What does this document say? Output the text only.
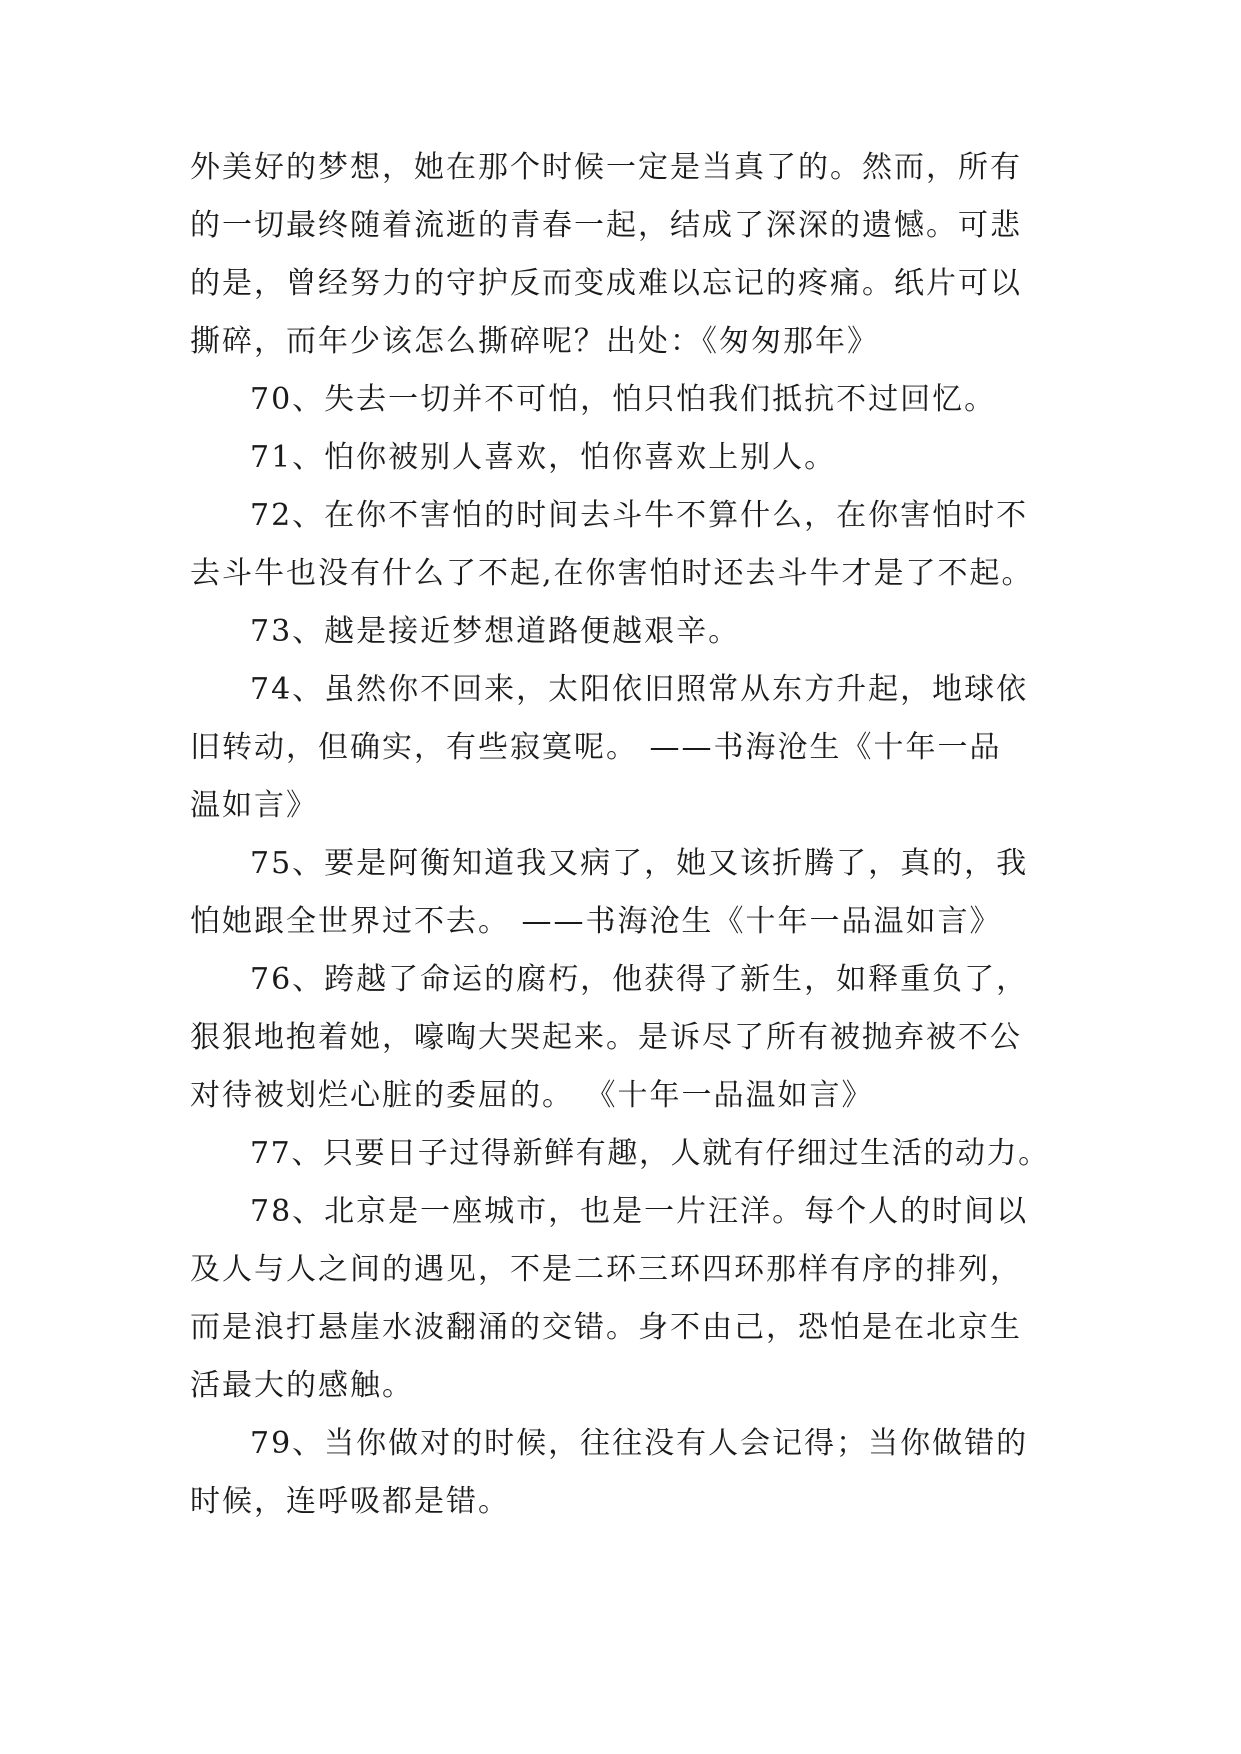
外美好的梦想，她在那个时候一定是当真了的。然而，所有
的一切最终随着流逝的青春一起，结成了深深的遗憾。可悲
的是，曾经努力的守护反而变成难以忘记的疼痛。纸片可以
撕碎，而年少该怎么撕碎呢？出处：《匆匆那年》
70、失去一切并不可怕，怕只怕我们抵抗不过回忆。
71、怕你被别人喜欢，怕你喜欢上别人。
72、在你不害怕的时间去斗牛不算什么，在你害怕时不
去斗牛也没有什么了不起,在你害怕时还去斗牛才是了不起。
73、越是接近梦想道路便越艰辛。
74、虽然你不回来，太阳依旧照常从东方升起，地球依
旧转动，但确实，有些寂寞呢。 ——书海沧生《十年一品
温如言》
75、要是阿衡知道我又病了，她又该折腾了，真的，我
怕她跟全世界过不去。 ——书海沧生《十年一品温如言》
76、跨越了命运的腐朽，他获得了新生，如释重负了，
狠狠地抱着她，嚎啕大哭起来。是诉尽了所有被抛弃被不公
对待被划烂心脏的委屈的。 《十年一品温如言》
77、只要日子过得新鲜有趣，人就有仔细过生活的动力。
78、北京是一座城市，也是一片汪洋。每个人的时间以
及人与人之间的遇见，不是二环三环四环那样有序的排列，
而是浪打悬崖水波翻涌的交错。身不由己，恐怕是在北京生
活最大的感触。
79、当你做对的时候，往往没有人会记得；当你做错的
时候，连呼吸都是错。
